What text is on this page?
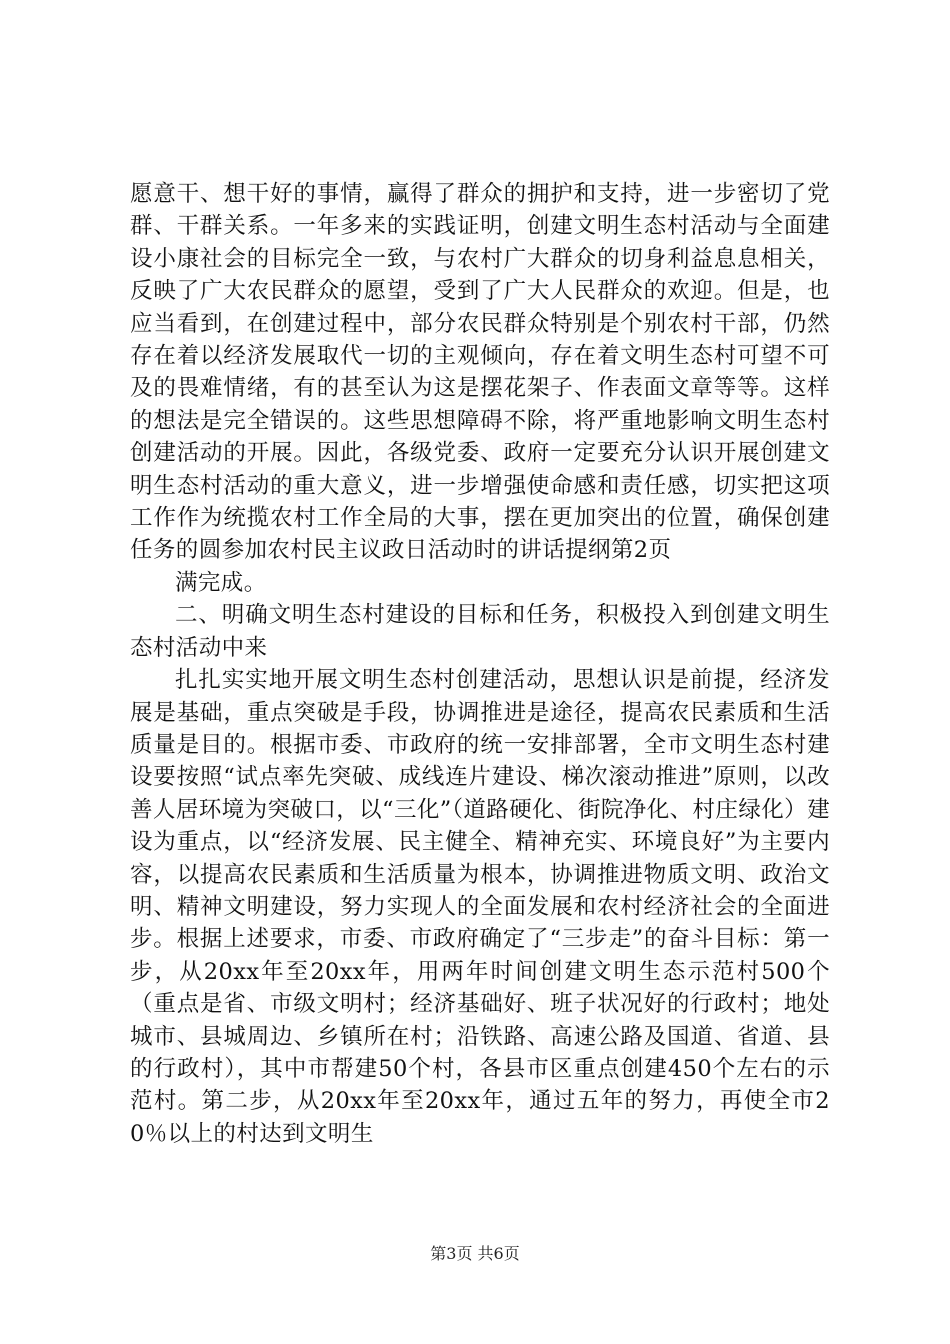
愿意干、想干好的事情，赢得了群众的拥护和支持，进一步密切了党群、干群关系。一年多来的实践证明，创建文明生态村活动与全面建设小康社会的目标完全一致，与农村广大群众的切身利益息息相关，反映了广大农民群众的愿望，受到了广大人民群众的欢迎。但是，也应当看到，在创建过程中，部分农民群众特别是个别农村干部，仍然存在着以经济发展取代一切的主观倾向，存在着文明生态村可望不可及的畏难情绪，有的甚至认为这是摆花架子、作表面文章等等。这样的想法是完全错误的。这些思想障碍不除，将严重地影响文明生态村创建活动的开展。因此，各级党委、政府一定要充分认识开展创建文明生态村活动的重大意义，进一步增强使命感和责任感，切实把这项工作作为统揽农村工作全局的大事，摆在更加突出的位置，确保创建任务的圆参加农村民主议政日活动时的讲话提纲第2页

满完成。

二、明确文明生态村建设的目标和任务，积极投入到创建文明生态村活动中来

扎扎实实地开展文明生态村创建活动，思想认识是前提，经济发展是基础，重点突破是手段，协调推进是途径，提高农民素质和生活质量是目的。根据市委、市政府的统一安排部署，全市文明生态村建设要按照“试点率先突破、成线连片建设、梯次滚动推进”原则，以改善人居环境为突破口，以“三化”（道路硬化、街院净化、村庄绿化）建设为重点，以“经济发展、民主健全、精神充实、环境良好”为主要内容，以提高农民素质和生活质量为根本，协调推进物质文明、政治文明、精神文明建设，努力实现人的全面发展和农村经济社会的全面进步。根据上述要求，市委、市政府确定了“三步走”的奋斗目标：第一步，从20xx年至20xx年，用两年时间创建文明生态示范村500个（重点是省、市级文明村；经济基础好、班子状况好的行政村；地处城市、县城周边、乡镇所在村；沿铁路、高速公路及国道、省道、县的行政村），其中市帮建50个村，各县市区重点创建450个左右的示范村。第二步，从20xx年至20xx年，通过五年的努力，再使全市20％以上的村达到文明生

第3页 共6页
